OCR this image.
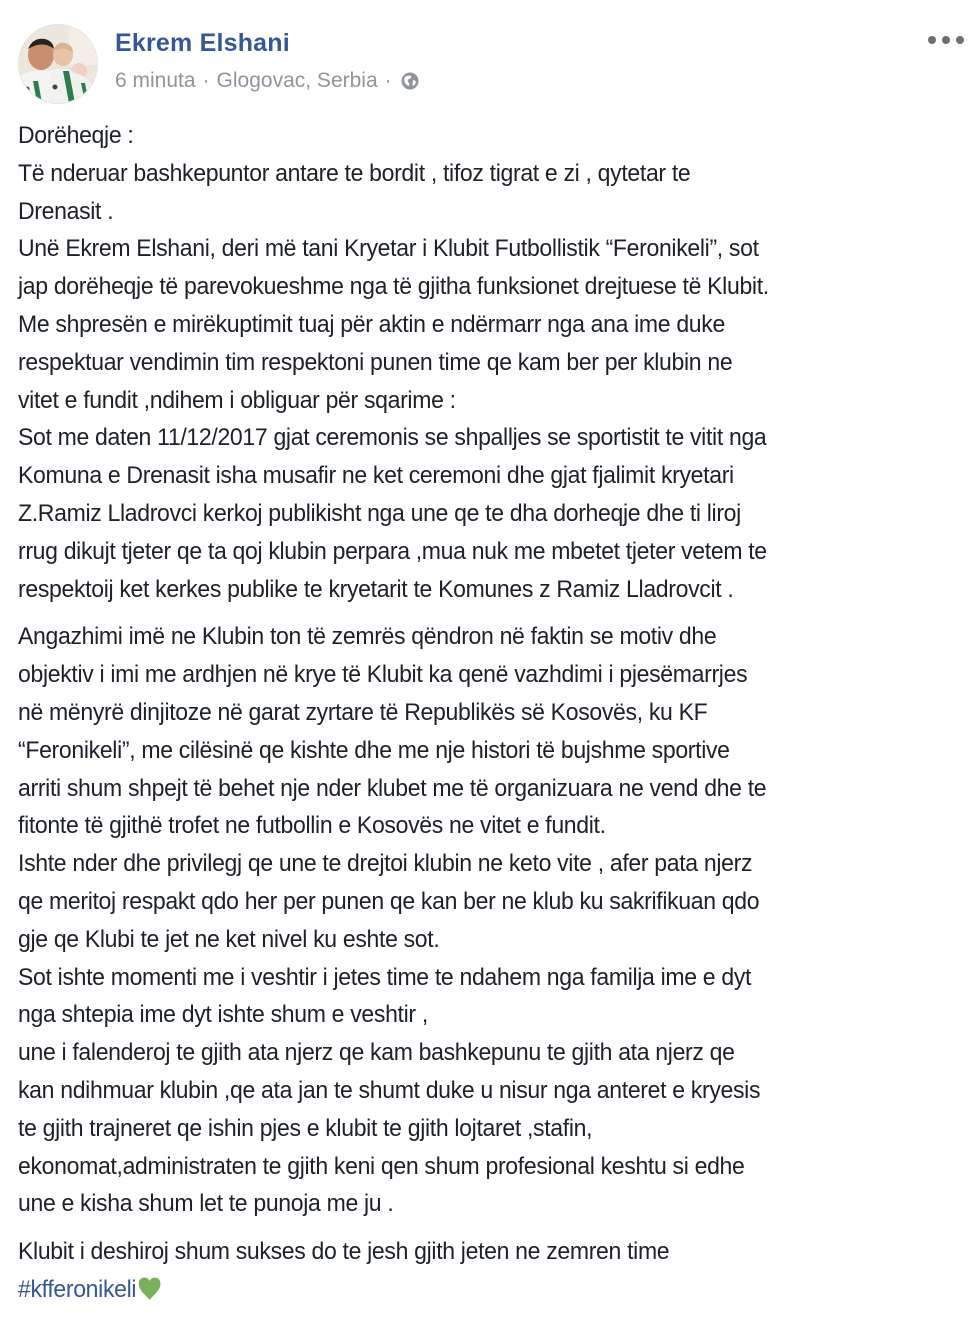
Ekrem Elshani
6 minuta · Glogovac, Serbia ·

Dorëheqje :
Të nderuar bashkepuntor antare te bordit , tifoz tigrat e zi , qytetar te
Drenasit .
Unë Ekrem Elshani, deri më tani Kryetar i Klubit Futbollistik “Feronikeli”, sot
jap dorëheqje të parevokueshme nga të gjitha funksionet drejtuese të Klubit.
Me shpresën e mirëkuptimit tuaj për aktin e ndërmarr nga ana ime duke
respektuar vendimin tim respektoni punen time qe kam ber per klubin ne
vitet e fundit ,ndihem i obliguar për sqarime :
Sot me daten 11/12/2017 gjat ceremonis se shpalljes se sportistit te vitit nga
Komuna e Drenasit isha musafir ne ket ceremoni dhe gjat fjalimit kryetari
Z.Ramiz Lladrovci kerkoj publikisht nga une qe te dha dorheqje dhe ti liroj
rrug dikujt tjeter qe ta qoj klubin perpara ,mua nuk me mbetet tjeter vetem te
respektoij ket kerkes publike te kryetarit te Komunes z Ramiz Lladrovcit .

Angazhimi imë ne Klubin ton të zemrës qëndron në faktin se motiv dhe
objektiv i imi me ardhjen në krye të Klubit ka qenë vazhdimi i pjesëmarrjes
në mënyrë dinjitoze në garat zyrtare të Republikës së Kosovës, ku KF
“Feronikeli”, me cilësinë qe kishte dhe me nje histori të bujshme sportive
arriti shum shpejt të behet nje nder klubet me të organizuara ne vend dhe te
fitonte të gjithë trofet ne futbollin e Kosovës ne vitet e fundit.
Ishte nder dhe privilegj qe une te drejtoi klubin ne keto vite , afer pata njerz
qe meritoj respakt qdo her per punen qe kan ber ne klub ku sakrifikuan qdo
gje qe Klubi te jet ne ket nivel ku eshte sot.
Sot ishte momenti me i veshtir i jetes time te ndahem nga familja ime e dyt
nga shtepia ime dyt ishte shum e veshtir ,
une i falenderoj te gjith ata njerz qe kam bashkepunu te gjith ata njerz qe
kan ndihmuar klubin ,qe ata jan te shumt duke u nisur nga anteret e kryesis
te gjith trajneret qe ishin pjes e klubit te gjith lojtaret ,stafin,
ekonomat,administraten te gjith keni qen shum profesional keshtu si edhe
une e kisha shum let te punoja me ju .

Klubit i deshiroj shum sukses do te jesh gjith jeten ne zemren time
#kfferonikeli
